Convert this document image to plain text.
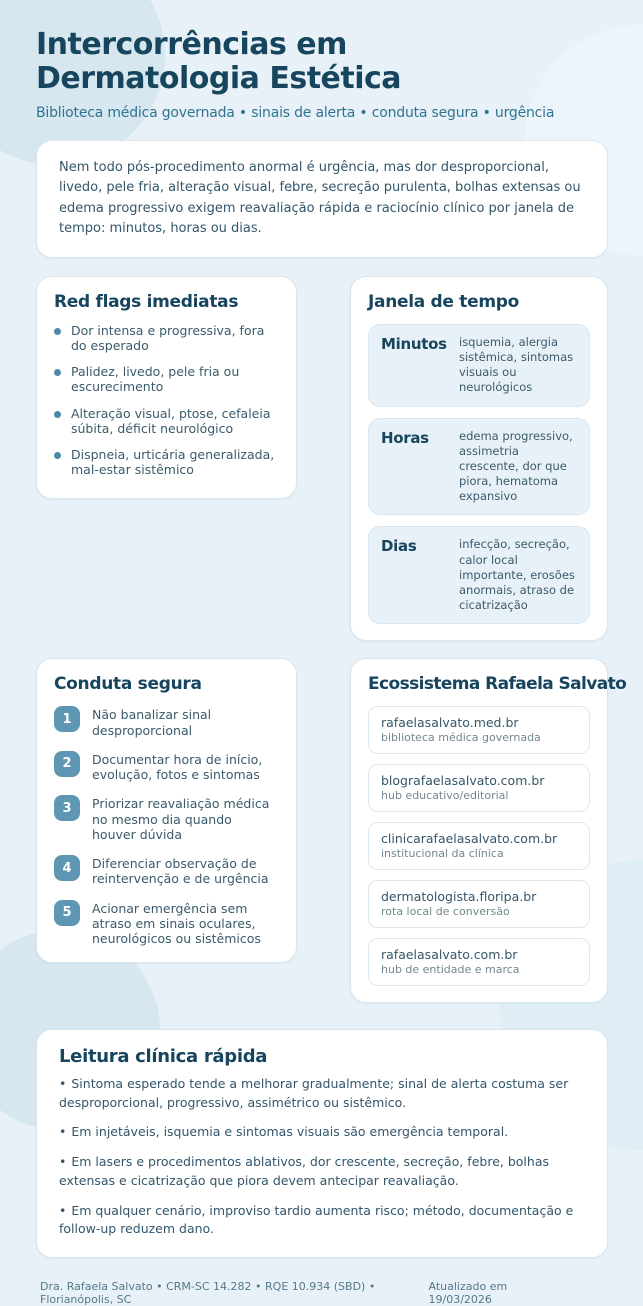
Intercorrências em
Dermatologia Estética
Biblioteca médica governada • sinais de alerta • conduta segura • urgência

Nem todo pós-procedimento anormal é urgência, mas dor desproporcional, livedo, pele fria, alteração visual, febre, secreção purulenta, bolhas extensas ou edema progressivo exigem reavaliação rápida e raciocínio clínico por janela de tempo: minutos, horas ou dias.

Red flags imediatas

Dor intensa e progressiva, fora do esperado

Palidez, livedo, pele fria ou escurecimento

Alteração visual, ptose, cefaleia súbita, déficit neurológico

Dispneia, urticária generalizada, mal-estar sistêmico

Janela de tempo
Minutos	isquemia, alergia sistêmica, sintomas visuais ou neurológicos
Horas	edema progressivo, assimetria crescente, dor que piora, hematoma expansivo
Dias	infecção, secreção, calor local importante, erosões anormais, atraso de cicatrização
Conduta segura
1	Não banalizar sinal desproporcional

2	Documentar hora de início, evolução, fotos e sintomas

3	Priorizar reavaliação médica no mesmo dia quando houver dúvida

4	Diferenciar observação de reintervenção e de urgência

5	Acionar emergência sem atraso em sinais oculares, neurológicos ou sistêmicos

Ecossistema Rafaela Salvato
rafaelasalvato.med.br
biblioteca médica governada
blografaelasalvato.com.br
hub educativo/editorial
clinicarafaelasalvato.com.br
institucional da clínica
dermatologista.floripa.br
rota local de conversão
rafaelasalvato.com.br
hub de entidade e marca
Leitura clínica rápida

• Sintoma esperado tende a melhorar gradualmente; sinal de alerta costuma ser desproporcional, progressivo, assimétrico ou sistêmico.

• Em injetáveis, isquemia e sintomas visuais são emergência temporal.

• Em lasers e procedimentos ablativos, dor crescente, secreção, febre, bolhas extensas e cicatrização que piora devem antecipar reavaliação.

• Em qualquer cenário, improviso tardio aumenta risco; método, documentação e follow-up reduzem dano.

Dra. Rafaela Salvato • CRM-SC 14.282 • RQE 10.934 (SBD) • Florianópolis, SC
Atualizado em 19/03/2026
